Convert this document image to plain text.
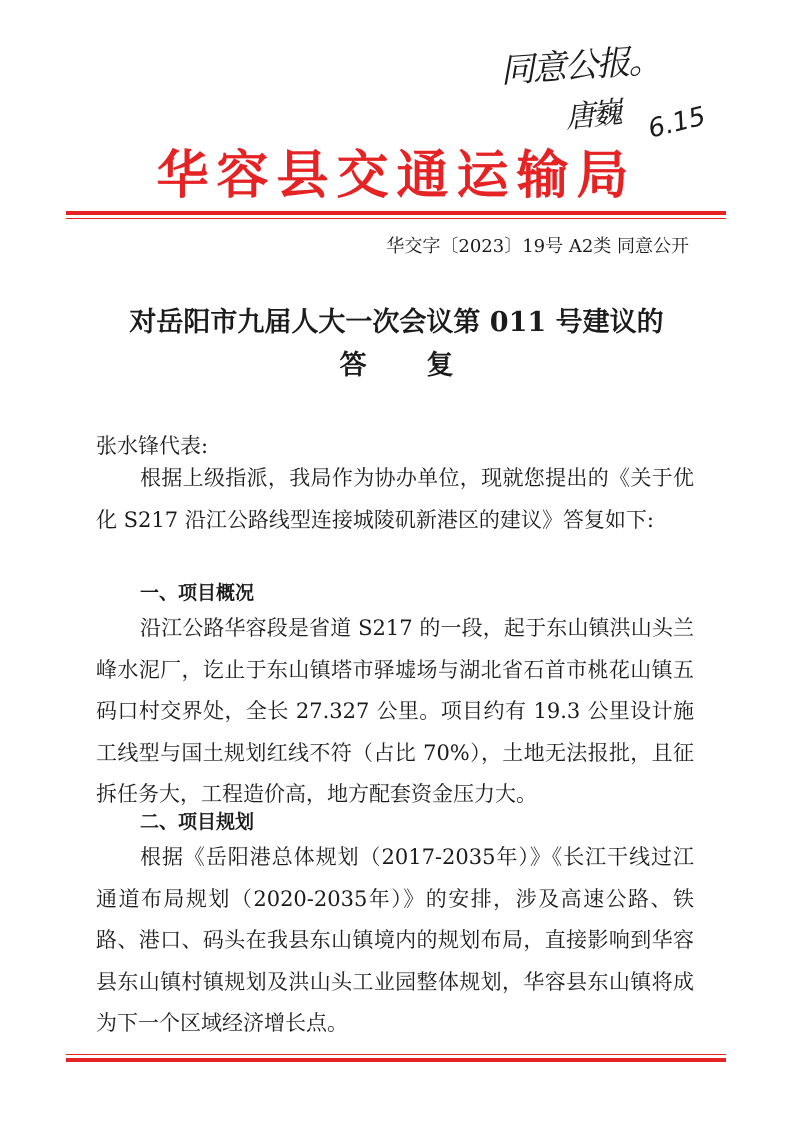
同意公报。
唐巍 6.15
华容县交通运输局
华交字〔2023〕19号 A2类 同意公开
对岳阳市九届人大一次会议第 011 号建议的
答复
张水锋代表:
根据上级指派，我局作为协办单位，现就您提出的《关于优化 S217 沿江公路线型连接城陵矶新港区的建议》答复如下:
一、项目概况
沿江公路华容段是省道 S217 的一段，起于东山镇洪山头兰峰水泥厂，讫止于东山镇塔市驿墟场与湖北省石首市桃花山镇五码口村交界处，全长 27.327 公里。项目约有 19.3 公里设计施工线型与国土规划红线不符（占比 70%），土地无法报批，且征拆任务大，工程造价高，地方配套资金压力大。
二、项目规划
根据《岳阳港总体规划（2017-2035年）》《长江干线过江通道布局规划（2020-2035年）》的安排，涉及高速公路、铁路、港口、码头在我县东山镇境内的规划布局，直接影响到华容县东山镇村镇规划及洪山头工业园整体规划，华容县东山镇将成为下一个区域经济增长点。
